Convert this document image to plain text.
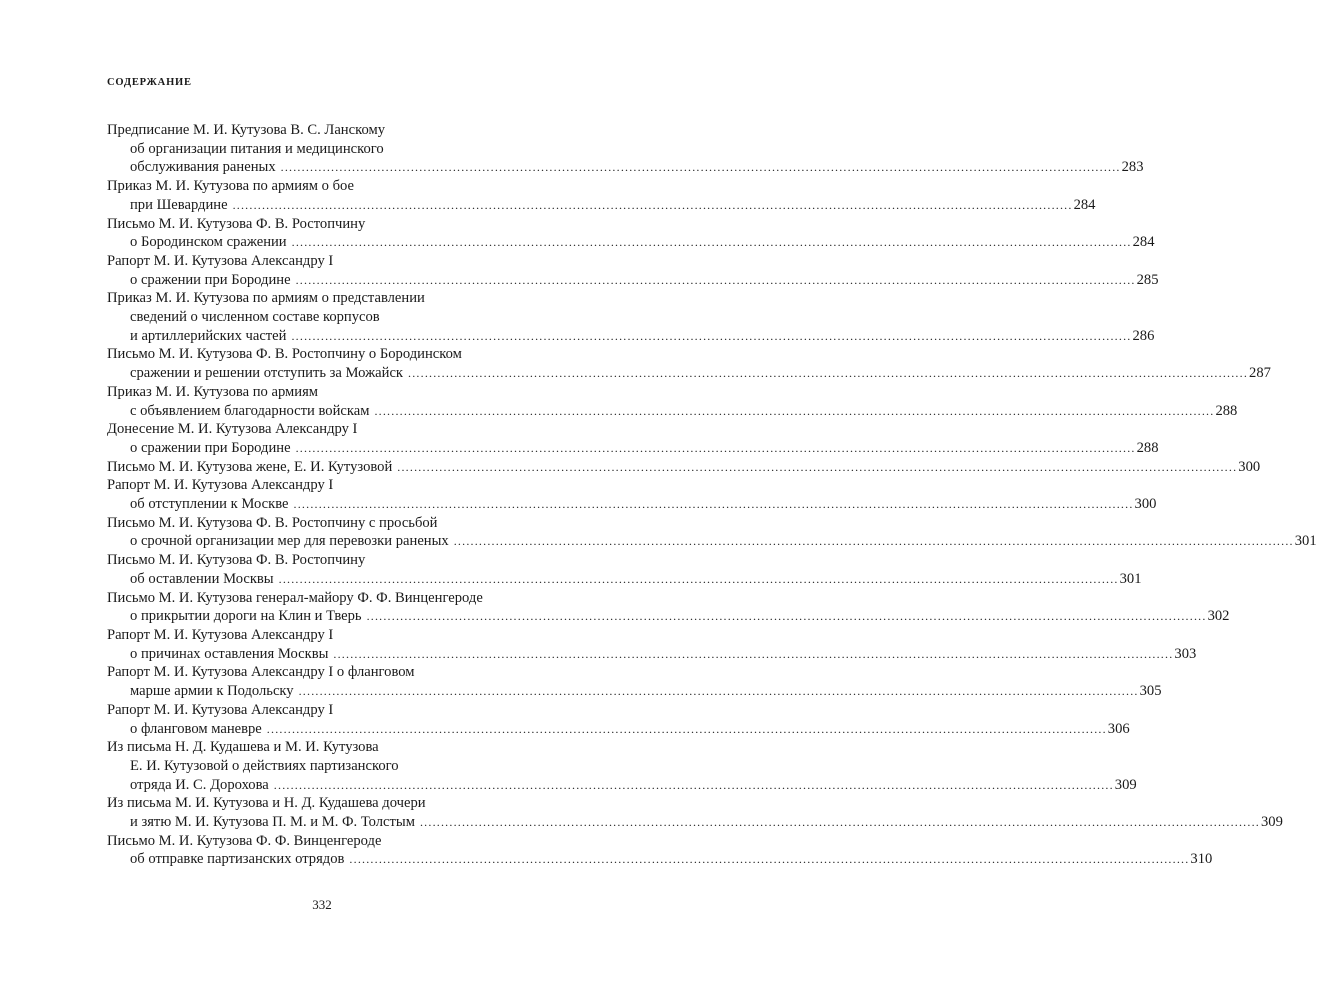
СОДЕРЖАНИЕ
Предписание М. И. Кутузова В. С. Ланскому
об организации питания и медицинского
обслуживания раненых ........................................................................................................................................................................................................ 283
Приказ М. И. Кутузова по армиям о бое
при Шевардине ........................................................................................................................................................................................................ 284
Письмо М. И. Кутузова Ф. В. Ростопчину
о Бородинском сражении ........................................................................................................................................................................................................ 284
Рапорт М. И. Кутузова Александру I
о сражении при Бородине ........................................................................................................................................................................................................ 285
Приказ М. И. Кутузова по армиям о представлении
сведений о численном составе корпусов
и артиллерийских частей ........................................................................................................................................................................................................ 286
Письмо М. И. Кутузова Ф. В. Ростопчину о Бородинском
сражении и решении отступить за Можайск ........................................................................................................................................................................................................ 287
Приказ М. И. Кутузова по армиям
с объявлением благодарности войскам ........................................................................................................................................................................................................ 288
Донесение М. И. Кутузова Александру I
о сражении при Бородине ........................................................................................................................................................................................................ 288
Письмо М. И. Кутузова жене, Е. И. Кутузовой ........................................................................................................................................................................................................ 300
Рапорт М. И. Кутузова Александру I
об отступлении к Москве ........................................................................................................................................................................................................ 300
Письмо М. И. Кутузова Ф. В. Ростопчину с просьбой
о срочной организации мер для перевозки раненых ........................................................................................................................................................................................................ 301
Письмо М. И. Кутузова Ф. В. Ростопчину
об оставлении Москвы ........................................................................................................................................................................................................ 301
Письмо М. И. Кутузова генерал-майору Ф. Ф. Винценгероде
о прикрытии дороги на Клин и Тверь ........................................................................................................................................................................................................ 302
Рапорт М. И. Кутузова Александру I
о причинах оставления Москвы ........................................................................................................................................................................................................ 303
Рапорт М. И. Кутузова Александру I о фланговом
марше армии к Подольску ........................................................................................................................................................................................................ 305
Рапорт М. И. Кутузова Александру I
о фланговом маневре ........................................................................................................................................................................................................ 306
Из письма Н. Д. Кудашева и М. И. Кутузова
Е. И. Кутузовой о действиях партизанского
отряда И. С. Дорохова ........................................................................................................................................................................................................ 309
Из письма М. И. Кутузова и Н. Д. Кудашева дочери
и зятю М. И. Кутузова П. М. и М. Ф. Толстым ........................................................................................................................................................................................................ 309
Письмо М. И. Кутузова Ф. Ф. Винценгероде
об отправке партизанских отрядов ........................................................................................................................................................................................................ 310
332
